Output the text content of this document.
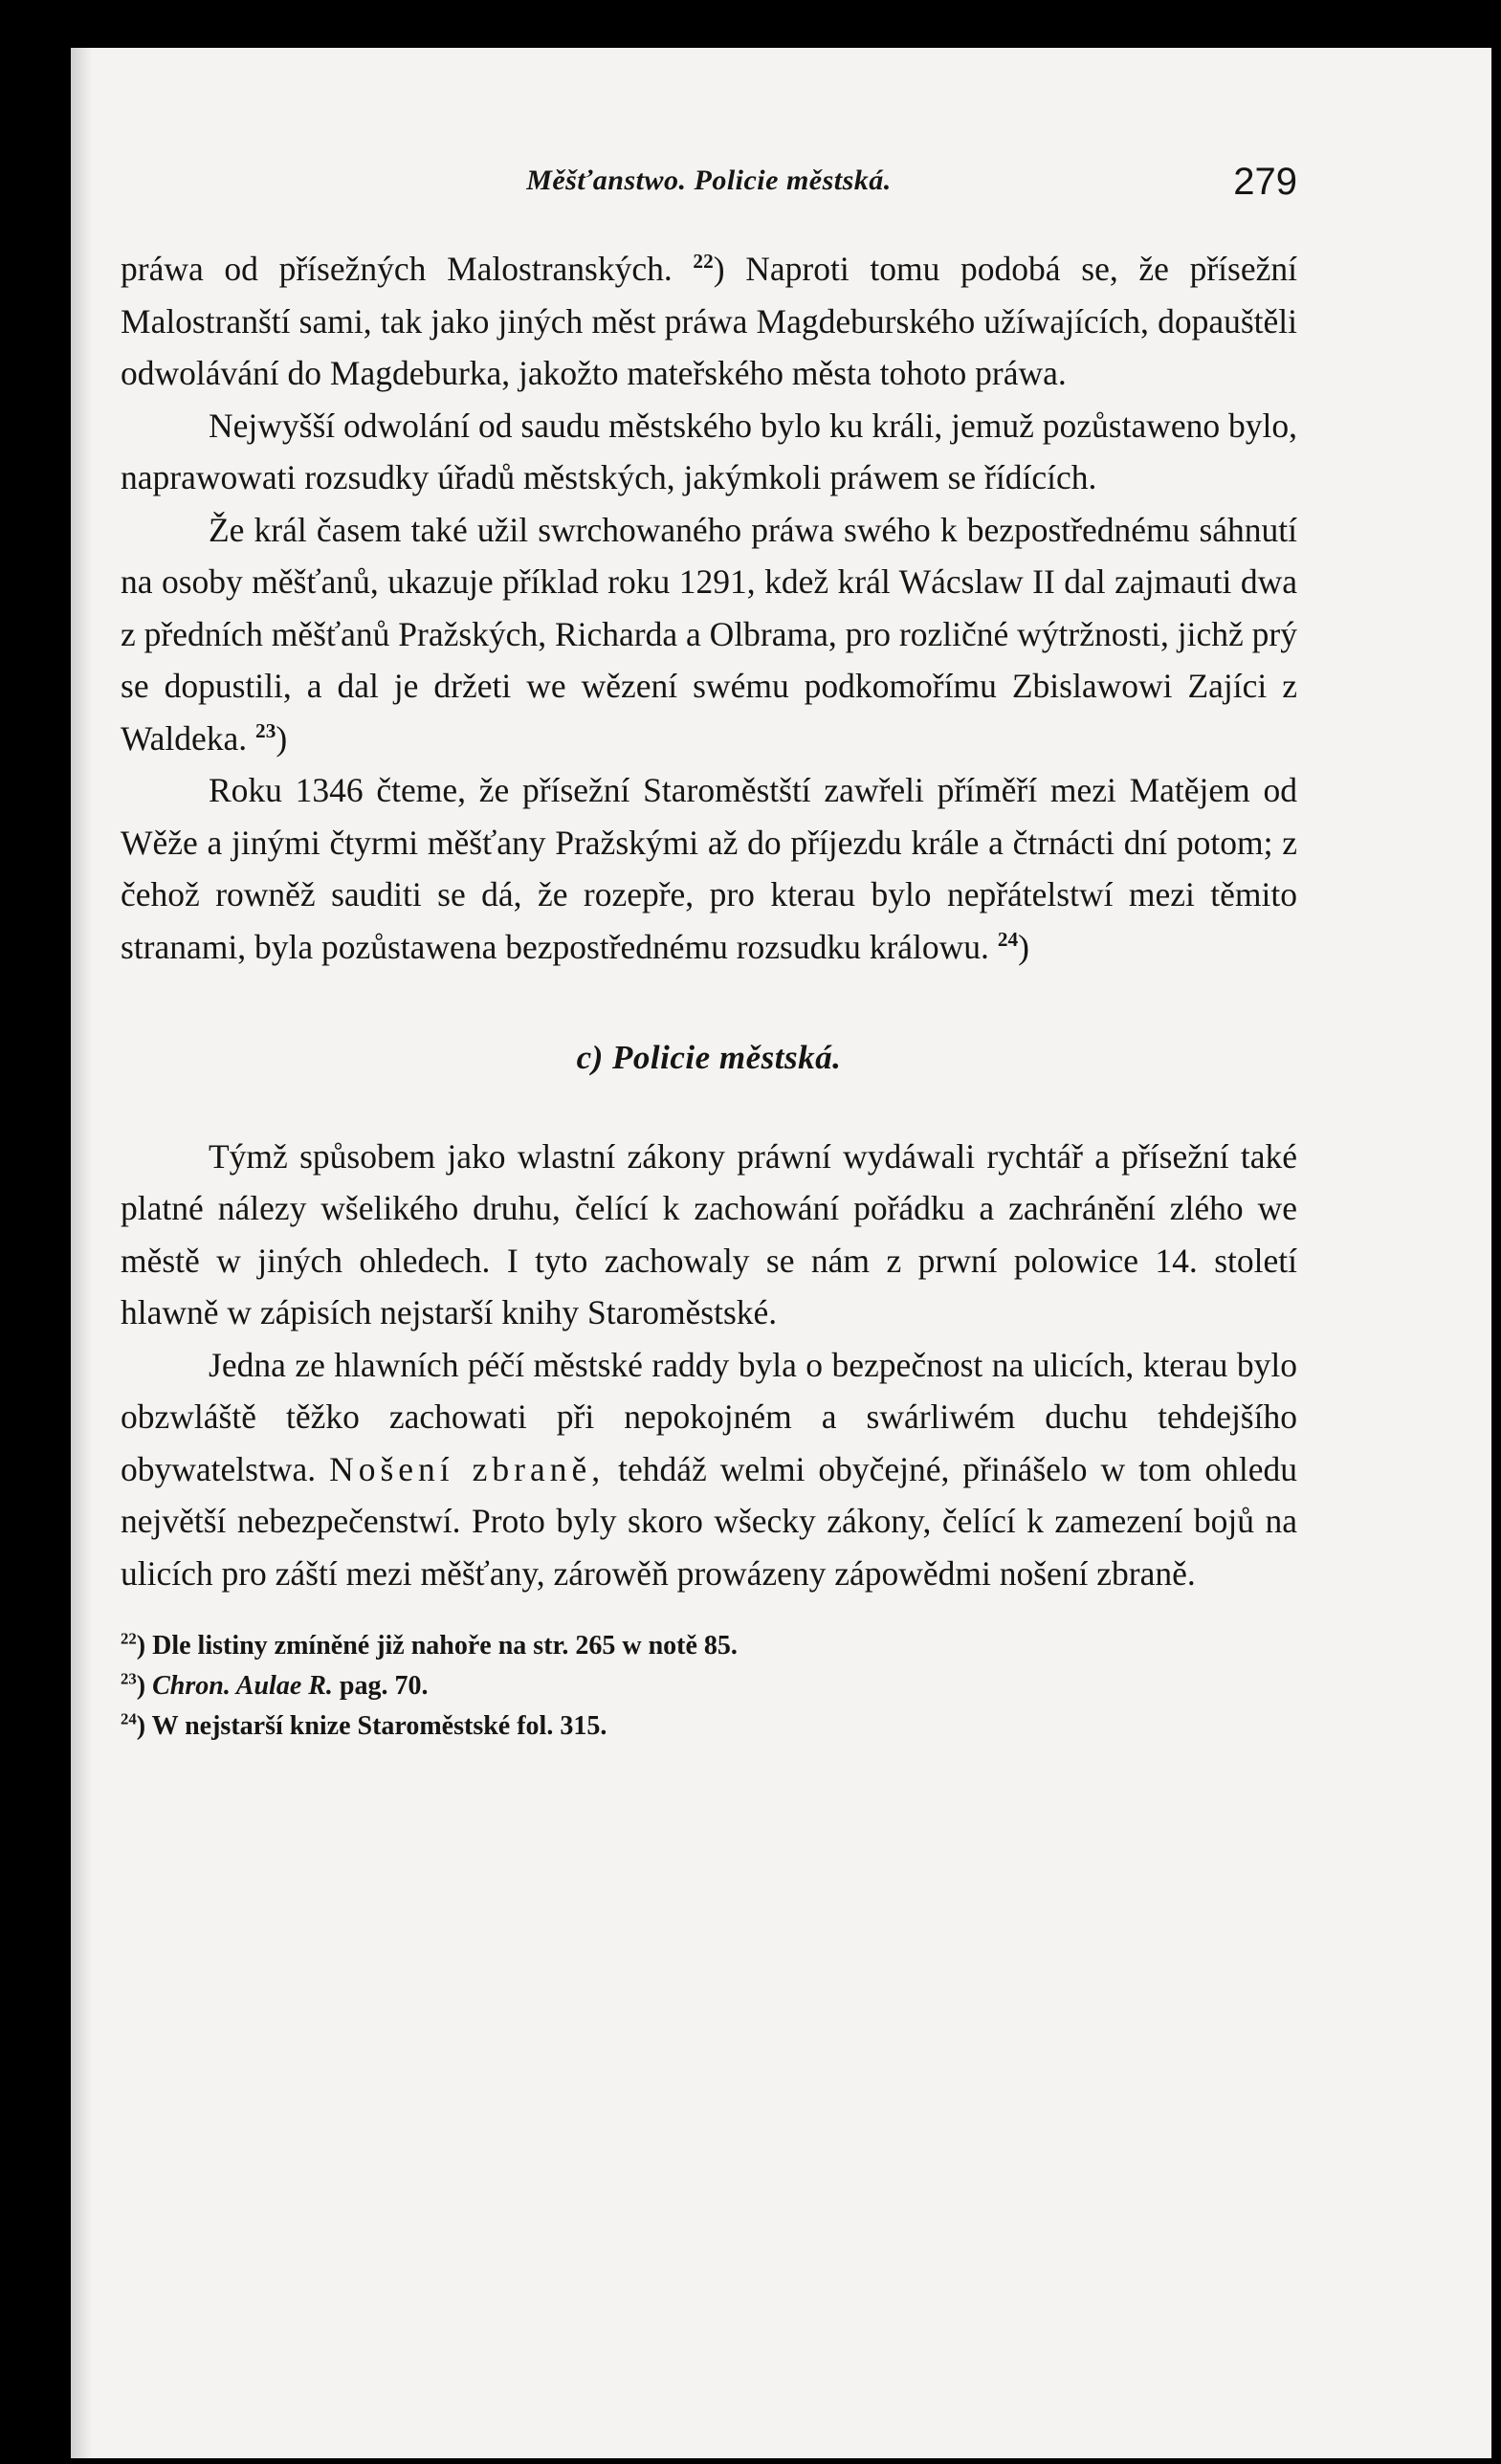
Měšťanstwo. Policie městská.	279

práwa od přísežných Malostranských. $^{22}$) Naproti tomu podobá se, že přísežní Malostranští sami, tak jako jiných měst práwa Magdeburského užíwajících, dopauštěli odwolávání do Magdeburka, jakožto mateřského města tohoto práwa.

Nejwyšší odwolání od saudu městského bylo ku králi, jemuž pozůstaweno bylo, naprawowati rozsudky úřadů městských, jakýmkoli práwem se řídících.

Že král časem také užil swrchowaného práwa swého k bezpostřednému sáhnutí na osoby měšťanů, ukazuje příklad roku 1291, kdež král Wácslaw II dal zajmauti dwa z předních měšťanů Pražských, Richarda a Olbrama, pro rozličné wýtržnosti, jichž prý se dopustili, a dal je držeti we wězení swému podkomořímu Zbislawowi Zajíci z Waldeka. $^{23}$)

Roku 1346 čteme, že přísežní Staroměstští zawřeli příměří mezi Matějem od Wěže a jinými čtyrmi měšťany Pražskými až do příjezdu krále a čtrnácti dní potom; z čehož rowněž sauditi se dá, že rozepře, pro kterau bylo nepřátelstwí mezi těmito stranami, byla pozůstawena bezpostřednému rozsudku králowu. $^{24}$)

c) Policie městská.

Týmž spůsobem jako wlastní zákony práwní wydáwali rychtář a přísežní také platné nálezy wšelikého druhu, čelící k zachowání pořádku a zachránění zlého we městě w jiných ohledech. I tyto zachowaly se nám z prwní polowice 14. století hlawně w zápisích nejstarší knihy Staroměstské.

Jedna ze hlawních péčí městské raddy byla o bezpečnost na ulicích, kterau bylo obzwláště těžko zachowati při nepokojném a swárliwém duchu tehdejšího obywatelstwa. Nošení zbraně, tehdáž welmi obyčejné, přinášelo w tom ohledu největší nebezpečenstwí. Proto byly skoro wšecky zákony, čelící k zamezení bojů na ulicích pro záští mezi měšťany, zárowěň prowázeny zápowědmi nošení zbraně.

$^{22}$) Dle listiny zmíněné již nahoře na str. 265 w notě 85.

$^{23}$) Chron. Aulae R. pag. 70.

$^{24}$) W nejstarší knize Staroměstské fol. 315.
